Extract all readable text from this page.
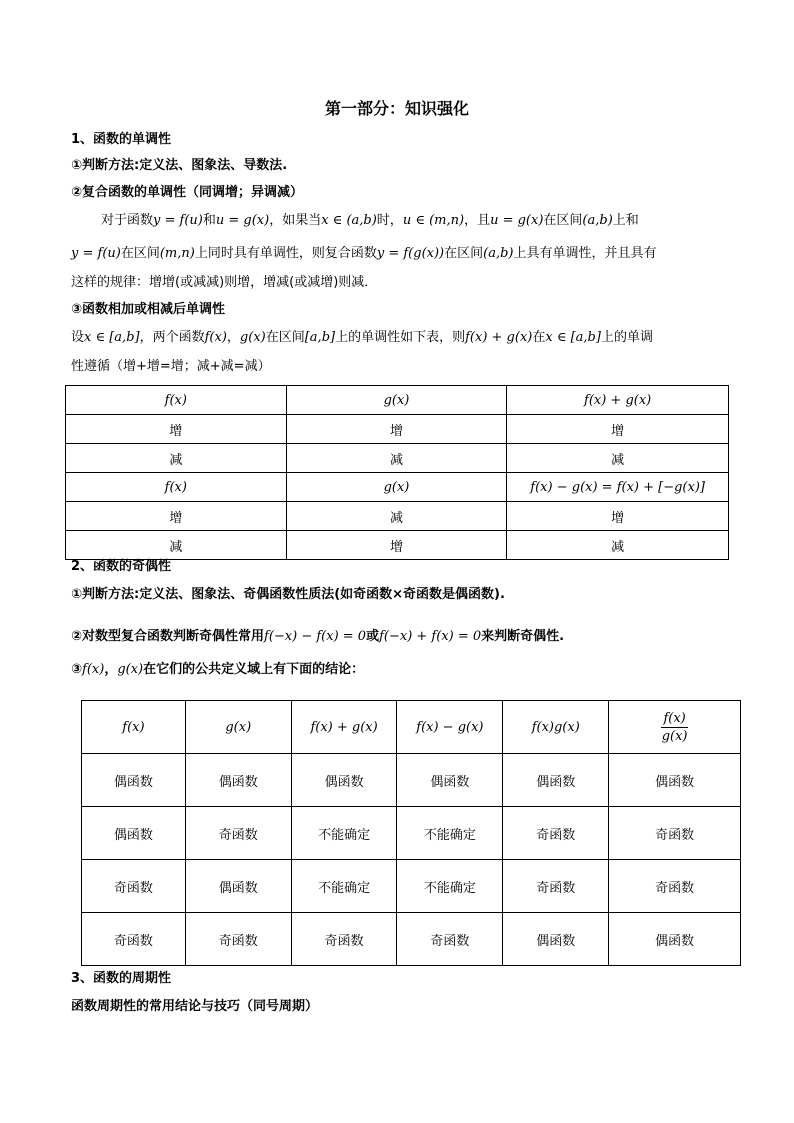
第一部分：知识强化
1、函数的单调性
①判断方法:定义法、图象法、导数法.
②复合函数的单调性（同调增；异调减）
对于函数y = f(u)和u = g(x)，如果当x ∈ (a,b)时，u ∈ (m,n)，且u = g(x)在区间(a,b)上和
y = f(u)在区间(m,n)上同时具有单调性，则复合函数y = f(g(x))在区间(a,b)上具有单调性，并且具有
这样的规律：增增(或减减)则增，增减(或减增)则减．
③函数相加或相减后单调性
设x ∈ [a,b]，两个函数f(x)，g(x)在区间[a,b]上的单调性如下表，则f(x) + g(x)在x ∈ [a,b]上的单调
性遵循（增+增=增；减+减=减）
f(x)	g(x)	f(x) + g(x)
增	增	增
减	减	减
f(x)	g(x)	f(x) − g(x) = f(x) + [−g(x)]
增	减	增
减	增	减
2、函数的奇偶性
①判断方法:定义法、图象法、奇偶函数性质法(如奇函数×奇函数是偶函数).
②对数型复合函数判断奇偶性常用f(−x) − f(x) = 0或f(−x) + f(x) = 0来判断奇偶性.
③f(x)，g(x)在它们的公共定义域上有下面的结论：
f(x)	g(x)	f(x) + g(x)	f(x) − g(x)	f(x)g(x)	$\frac{f(x)}{g(x)}$
偶函数	偶函数	偶函数	偶函数	偶函数	偶函数
偶函数	奇函数	不能确定	不能确定	奇函数	奇函数
奇函数	偶函数	不能确定	不能确定	奇函数	奇函数
奇函数	奇函数	奇函数	奇函数	偶函数	偶函数
3、函数的周期性
函数周期性的常用结论与技巧（同号周期）
